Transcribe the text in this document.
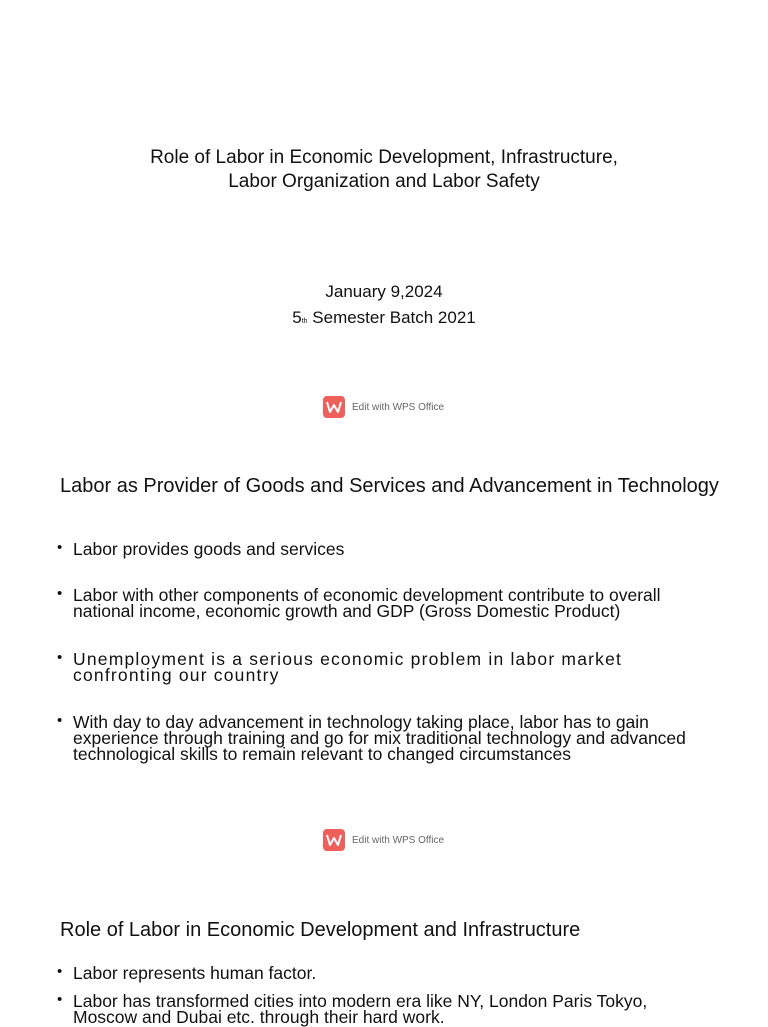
Role of Labor in Economic Development, Infrastructure,
Labor Organization and Labor Safety
January 9,2024
5th Semester Batch 2021
Edit with WPS Office
Labor as Provider of Goods and Services and Advancement in Technology
• Labor provides goods and services
• Labor with other components of economic development contribute to overall national income, economic growth and GDP (Gross Domestic Product)
• Unemployment is a serious economic problem in labor market confronting our country
• With day to day advancement in technology taking place, labor has to gain experience through training and go for mix traditional technology and advanced technological skills to remain relevant to changed circumstances
Edit with WPS Office
Role of Labor in Economic Development and Infrastructure
• Labor represents human factor.
• Labor has transformed cities into modern era like NY, London Paris Tokyo, Moscow and Dubai etc. through their hard work.
